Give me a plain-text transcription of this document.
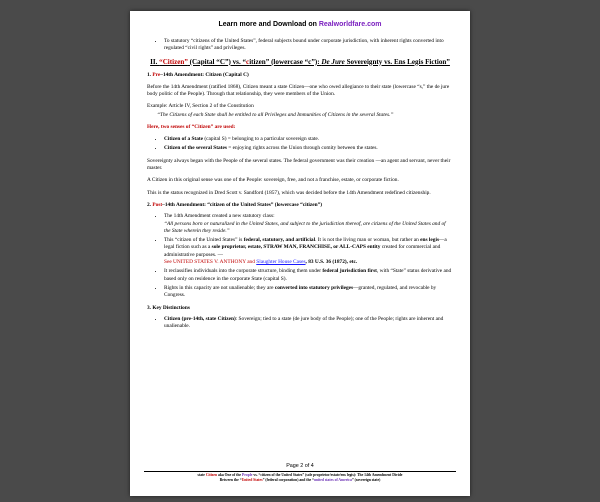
Learn more and Download on Realworldfare.com
• To statutory “citizens of the United States”, federal subjects bound under corporate jurisdiction, with inherent rights converted into regulated “civil rights” and privileges.
II. “Citizen” (Capital “C”) vs. “citizen” (lowercase “c”): De Jure Sovereignty vs. Ens Legis Fiction”
1. Pre–14th Amendment: Citizen (Capital C)

Before the 14th Amendment (ratified 1868), Citizen meant a state Citizen—one who owed allegiance to their state (lowercase “s,” the de jure body politic of the People). Through that relationship, they were members of the Union.

Example: Article IV, Section 2 of the Constitution

“The Citizens of each State shall be entitled to all Privileges and Immunities of Citizens in the several States.”

Here, two senses of “Citizen” are used:

• Citizen of a State (capital S) = belonging to a particular sovereign state.
• Citizen of the several States = enjoying rights across the Union through comity between the states.

Sovereignty always began with the People of the several states. The federal government was their creation —an agent and servant, never their master.

A Citizen in this original sense was one of the People: sovereign, free, and not a franchise, estate, or corporate fiction.

This is the status recognized in Dred Scott v. Sandford (1857), which was decided before the 14th Amendment redefined citizenship.

2. Post–14th Amendment: “citizen of the United States” (lowercase “citizen”)
• The 14th Amendment created a new statutory class:
“All persons born or naturalized in the United States, and subject to the jurisdiction thereof, are citizens of the United States and of the State wherein they reside.”
• This “citizen of the United States” is federal, statutory, and artificial. It is not the living man or woman, but rather an ens legis—a legal fiction such as a sole proprietor, estate, STRAW MAN, FRANCHISE, or ALL-CAPS entity created for commercial and administrative purposes. —
See UNITED STATES V. ANTHONY and Slaughter House Cases, 83 U.S. 36 (1872), etc.
• It reclassifies individuals into the corporate structure, binding them under federal jurisdiction first, with “State” status derivative and based only on residence in the corporate State (capital S).
• Rights in this capacity are not unalienable; they are converted into statutory privileges—granted, regulated, and revocable by Congress.
3. Key Distinctions
• Citizen (pre-14th, state Citizen): Sovereign; tied to a state (de jure body of the People); one of the People; rights are inherent and unalienable.
Page 2 of 4
state Citizen aka One of the People vs. “citizen of the United States” (sole proprietor/estate/ens legis): The 14th Amendment Divide
Between the “United States” (federal corporation) and the “united states of America” (sovereign state)
